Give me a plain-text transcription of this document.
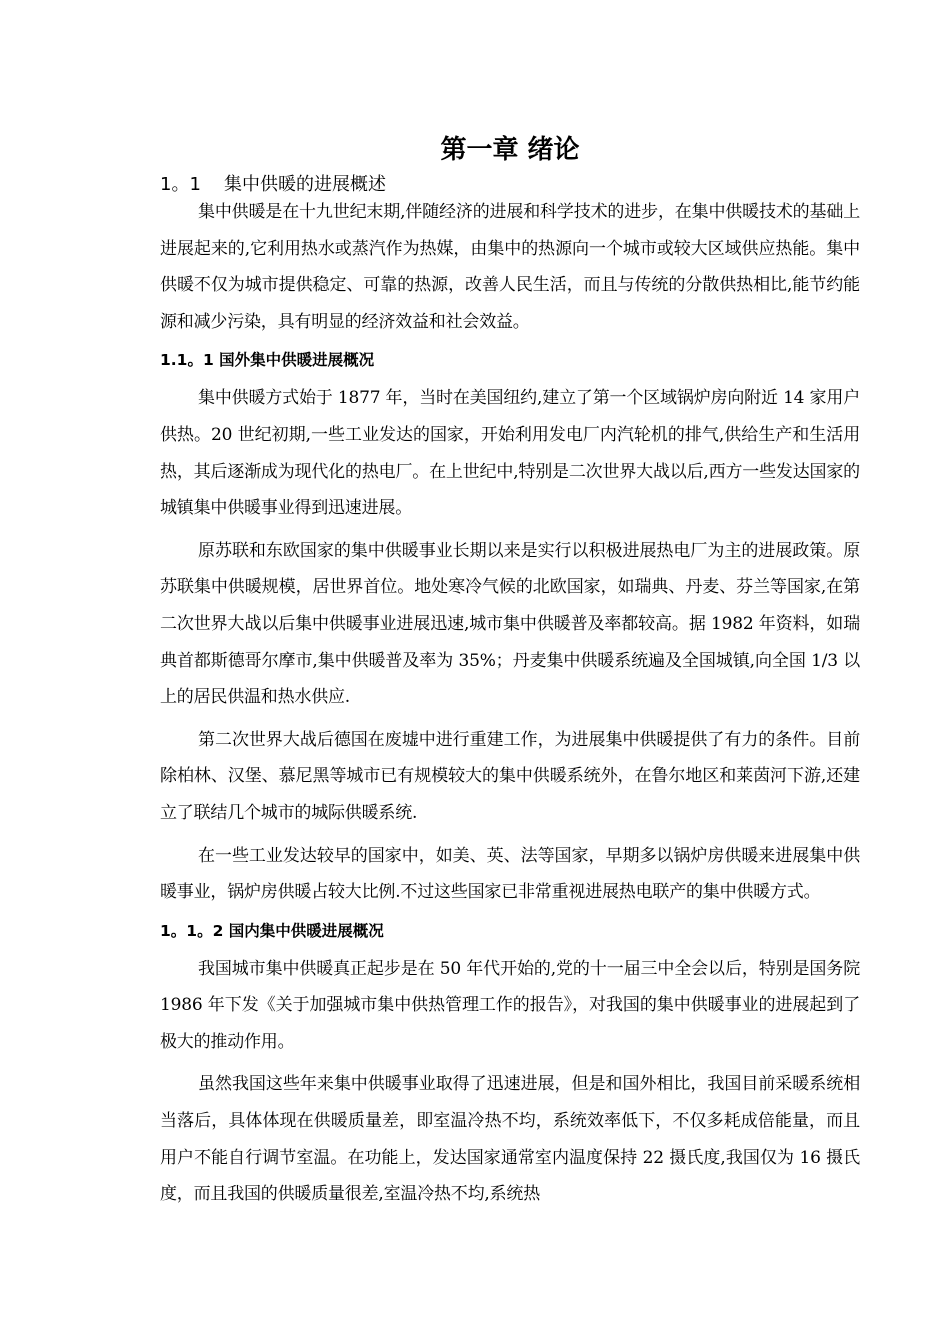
第一章 绪论
1。1 集中供暖的进展概述

集中供暖是在十九世纪末期,伴随经济的进展和科学技术的进步，在集中供暖技术的基础上进展起来的,它利用热水或蒸汽作为热媒，由集中的热源向一个城市或较大区域供应热能。集中供暖不仅为城市提供稳定、可靠的热源，改善人民生活，而且与传统的分散供热相比,能节约能源和减少污染，具有明显的经济效益和社会效益。

1.1。1 国外集中供暖进展概况

集中供暖方式始于 1877 年，当时在美国纽约,建立了第一个区域锅炉房向附近 14 家用户供热。20 世纪初期,一些工业发达的国家，开始利用发电厂内汽轮机的排气,供给生产和生活用热，其后逐渐成为现代化的热电厂。在上世纪中,特别是二次世界大战以后,西方一些发达国家的城镇集中供暖事业得到迅速进展。

原苏联和东欧国家的集中供暖事业长期以来是实行以积极进展热电厂为主的进展政策。原苏联集中供暖规模，居世界首位。地处寒冷气候的北欧国家，如瑞典、丹麦、芬兰等国家,在第二次世界大战以后集中供暖事业进展迅速,城市集中供暖普及率都较高。据 1982 年资料，如瑞典首都斯德哥尔摩市,集中供暖普及率为 35%；丹麦集中供暖系统遍及全国城镇,向全国 1/3 以上的居民供温和热水供应.

第二次世界大战后德国在废墟中进行重建工作，为进展集中供暖提供了有力的条件。目前除柏林、汉堡、慕尼黑等城市已有规模较大的集中供暖系统外，在鲁尔地区和莱茵河下游,还建立了联结几个城市的城际供暖系统.

在一些工业发达较早的国家中，如美、英、法等国家，早期多以锅炉房供暖来进展集中供暖事业，锅炉房供暖占较大比例.不过这些国家已非常重视进展热电联产的集中供暖方式。

1。1。2 国内集中供暖进展概况

我国城市集中供暖真正起步是在 50 年代开始的,党的十一届三中全会以后，特别是国务院 1986 年下发《关于加强城市集中供热管理工作的报告》，对我国的集中供暖事业的进展起到了极大的推动作用。

虽然我国这些年来集中供暖事业取得了迅速进展，但是和国外相比，我国目前采暖系统相当落后，具体体现在供暖质量差，即室温冷热不均，系统效率低下，不仅多耗成倍能量，而且用户不能自行调节室温。在功能上，发达国家通常室内温度保持 22 摄氏度,我国仅为 16 摄氏度，而且我国的供暖质量很差,室温冷热不均,系统热
